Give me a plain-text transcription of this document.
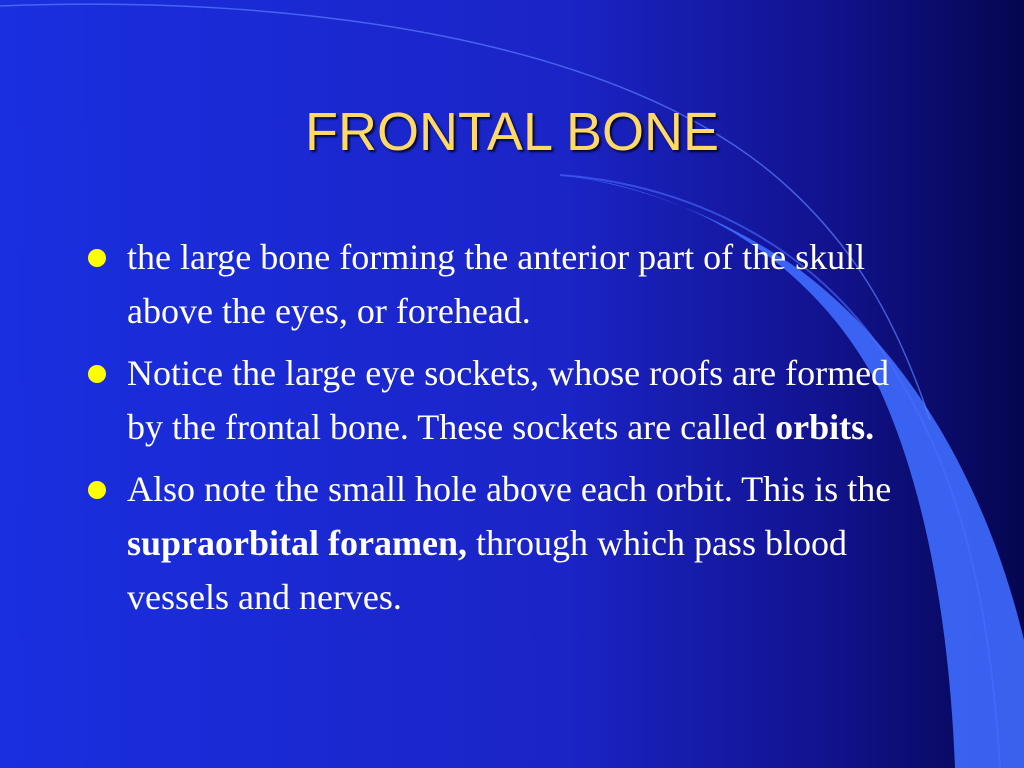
FRONTAL BONE
the large bone forming the anterior part of the skull above the eyes, or forehead.
Notice the large eye sockets, whose roofs are formed by the frontal bone. These sockets are called orbits.
Also note the small hole above each orbit. This is the supraorbital foramen, through which pass blood vessels and nerves.
